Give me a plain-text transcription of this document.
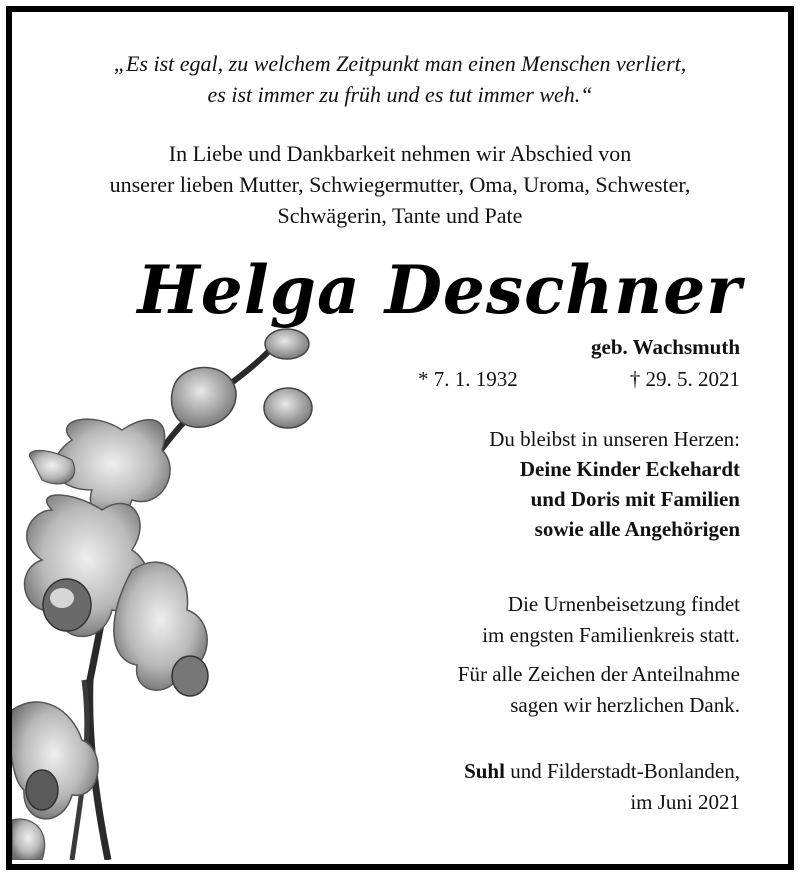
„Es ist egal, zu welchem Zeitpunkt man einen Menschen verliert,
es ist immer zu früh und es tut immer weh.“
In Liebe und Dankbarkeit nehmen wir Abschied von
unserer lieben Mutter, Schwiegermutter, Oma, Uroma, Schwester,
Schwägerin, Tante und Pate
Helga Deschner
geb. Wachsmuth
* 7. 1. 1932	† 29. 5. 2021
Du bleibst in unseren Herzen:
Deine Kinder Eckehardt
und Doris mit Familien
sowie alle Angehörigen
Die Urnenbeisetzung findet
im engsten Familienkreis statt.
Für alle Zeichen der Anteilnahme
sagen wir herzlichen Dank.
Suhl und Filderstadt-Bonlanden,
im Juni 2021
